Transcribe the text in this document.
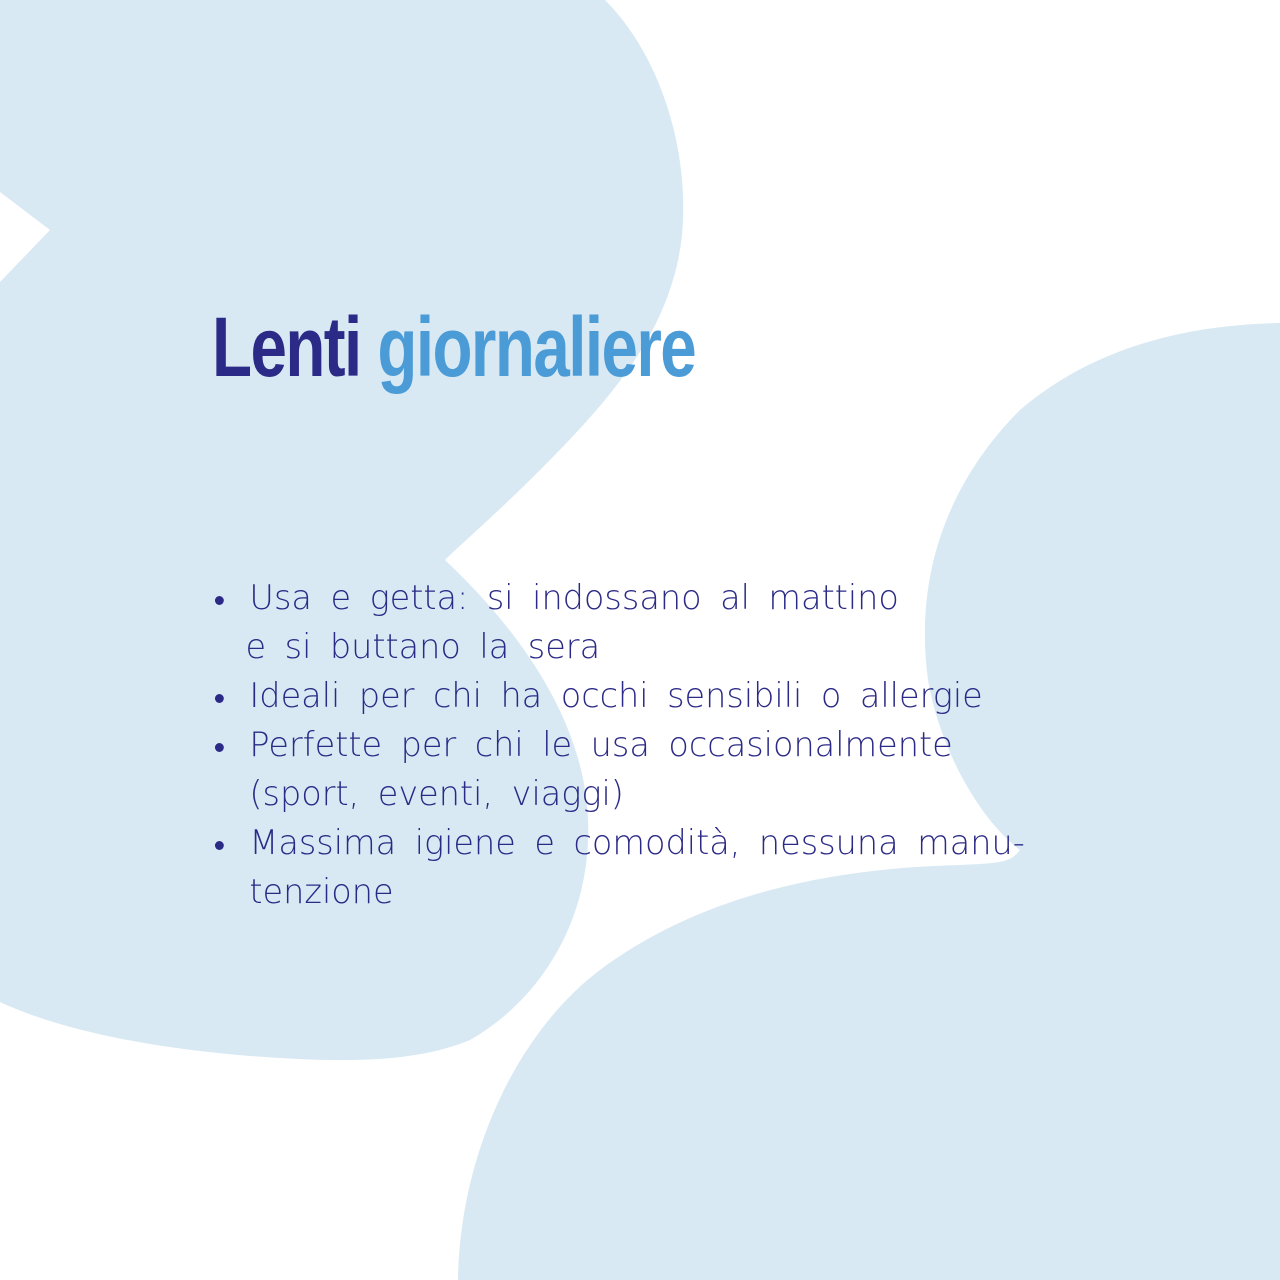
Lenti giornaliere
Usa e getta: si indossano al mattino
e si buttano la sera
Ideali per chi ha occhi sensibili o allergie
Perfette per chi le usa occasionalmente
(sport, eventi, viaggi)
Massima igiene e comodità, nessuna manu-
tenzione
